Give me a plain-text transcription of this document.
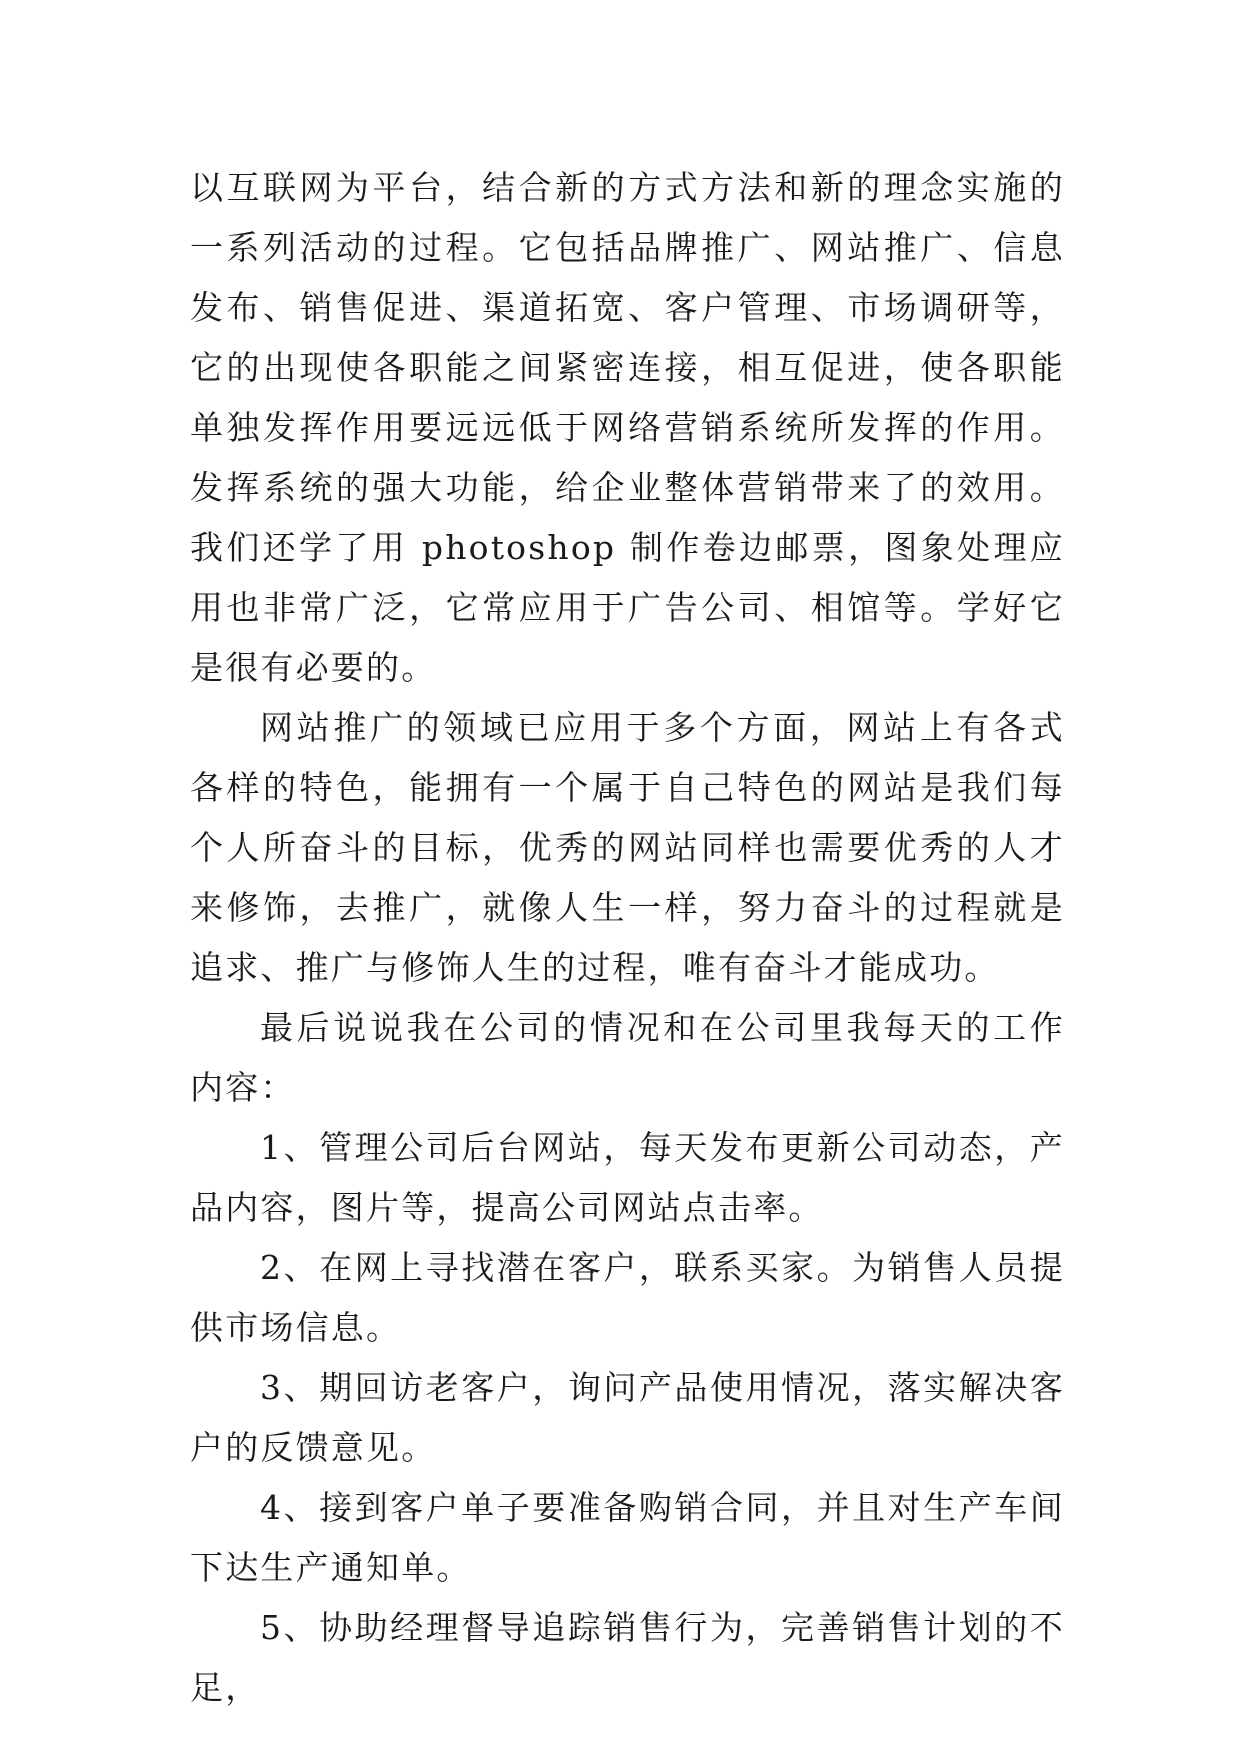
以互联网为平台，结合新的方式方法和新的理念实施的一系列活动的过程。它包括品牌推广、网站推广、信息发布、销售促进、渠道拓宽、客户管理、市场调研等，它的出现使各职能之间紧密连接，相互促进，使各职能单独发挥作用要远远低于网络营销系统所发挥的作用。发挥系统的强大功能，给企业整体营销带来了的效用。我们还学了用 photoshop 制作卷边邮票，图象处理应用也非常广泛，它常应用于广告公司、相馆等。学好它是很有必要的。

网站推广的领域已应用于多个方面，网站上有各式各样的特色，能拥有一个属于自己特色的网站是我们每个人所奋斗的目标，优秀的网站同样也需要优秀的人才来修饰，去推广，就像人生一样，努力奋斗的过程就是追求、推广与修饰人生的过程，唯有奋斗才能成功。

最后说说我在公司的情况和在公司里我每天的工作内容：

1、管理公司后台网站，每天发布更新公司动态，产品内容，图片等，提高公司网站点击率。

2、在网上寻找潜在客户，联系买家。为销售人员提供市场信息。

3、期回访老客户，询问产品使用情况，落实解决客户的反馈意见。

4、接到客户单子要准备购销合同，并且对生产车间下达生产通知单。

5、协助经理督导追踪销售行为，完善销售计划的不足，
